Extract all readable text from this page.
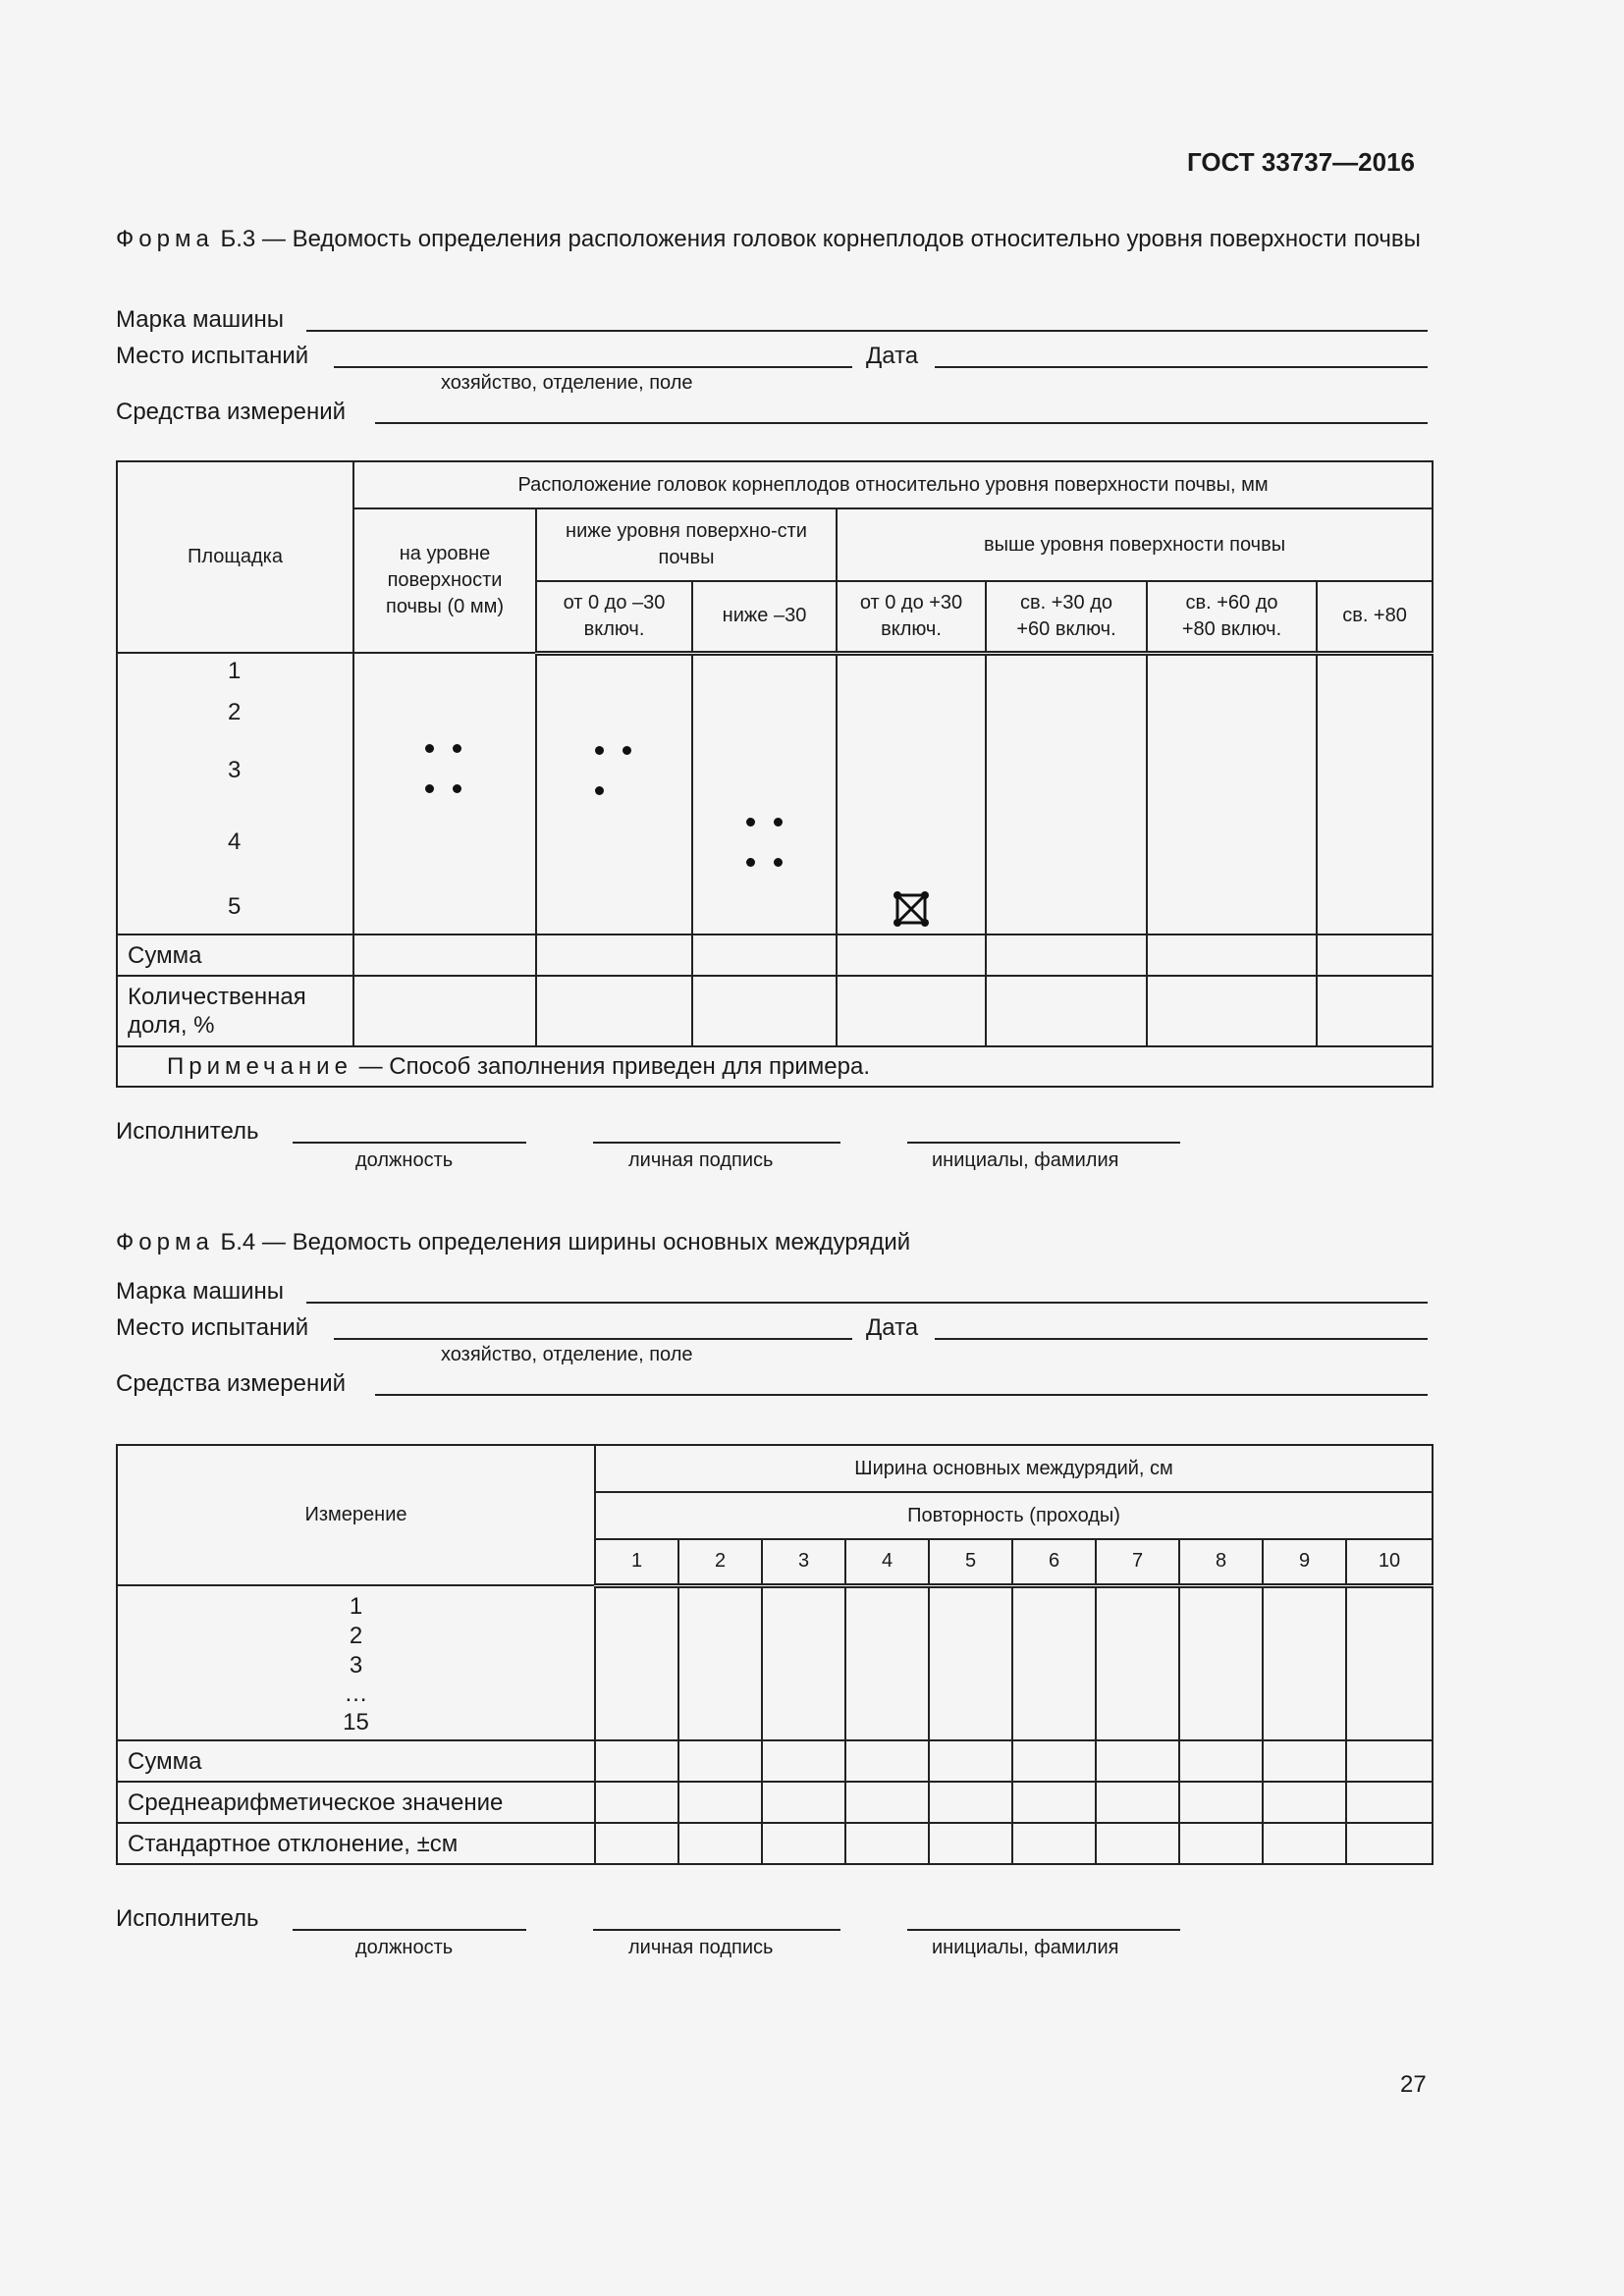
ГОСТ 33737—2016
Форма Б.3 — Ведомость определения расположения головок корнеплодов относительно уровня поверхности почвы
Марка машины
Место испытаний	Дата
хозяйство, отделение, поле
Средства измерений
Площадка	Расположение головок корнеплодов относительно уровня поверхности почвы, мм						
	на уровне поверхности почвы (0 мм)	ниже уровня поверхно-сти почвы		выше уровня поверхности почвы			
		от 0 до –30 включ.	ниже –30	от 0 до +30 включ.	св. +30 до +60 включ.	св. +60 до +80 включ.	св. +80

1
2
3
4
5

Сумма							
Количественная доля, %							
Примечание — Способ заполнения приведен для примера.							
Исполнитель
должность	личная подпись	инициалы, фамилия
Форма Б.4 — Ведомость определения ширины основных междурядий
Марка машины
Место испытаний	Дата
хозяйство, отделение, поле
Средства измерений
Измерение	Ширина основных междурядий, см									
	Повторность (проходы)									
	1	2	3	4	5	6	7	8	9	10

1
2
3
…
15										

Сумма										
Среднеарифметическое значение										
Стандартное отклонение, ±см										
Исполнитель
должность	личная подпись	инициалы, фамилия
27
